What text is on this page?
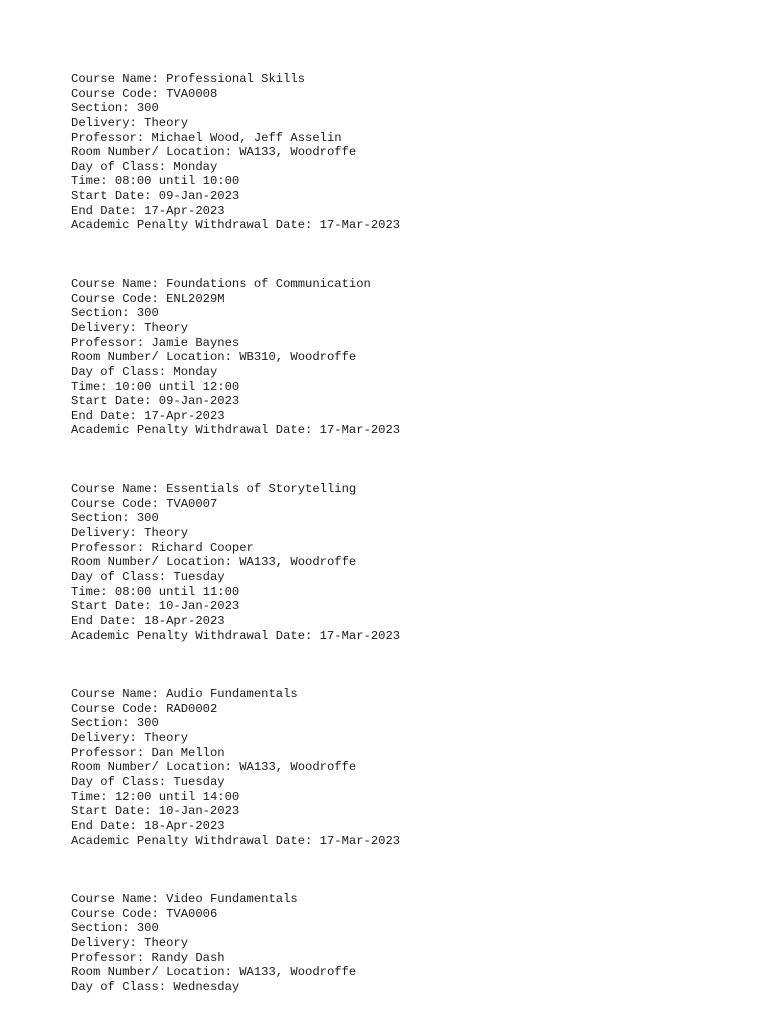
Course Name: Professional Skills
Course Code: TVA0008
Section: 300
Delivery: Theory
Professor: Michael Wood, Jeff Asselin
Room Number/ Location: WA133, Woodroffe
Day of Class: Monday
Time: 08:00 until 10:00
Start Date: 09-Jan-2023
End Date: 17-Apr-2023
Academic Penalty Withdrawal Date: 17-Mar-2023
Course Name: Foundations of Communication
Course Code: ENL2029M
Section: 300
Delivery: Theory
Professor: Jamie Baynes
Room Number/ Location: WB310, Woodroffe
Day of Class: Monday
Time: 10:00 until 12:00
Start Date: 09-Jan-2023
End Date: 17-Apr-2023
Academic Penalty Withdrawal Date: 17-Mar-2023
Course Name: Essentials of Storytelling
Course Code: TVA0007
Section: 300
Delivery: Theory
Professor: Richard Cooper
Room Number/ Location: WA133, Woodroffe
Day of Class: Tuesday
Time: 08:00 until 11:00
Start Date: 10-Jan-2023
End Date: 18-Apr-2023
Academic Penalty Withdrawal Date: 17-Mar-2023
Course Name: Audio Fundamentals
Course Code: RAD0002
Section: 300
Delivery: Theory
Professor: Dan Mellon
Room Number/ Location: WA133, Woodroffe
Day of Class: Tuesday
Time: 12:00 until 14:00
Start Date: 10-Jan-2023
End Date: 18-Apr-2023
Academic Penalty Withdrawal Date: 17-Mar-2023
Course Name: Video Fundamentals
Course Code: TVA0006
Section: 300
Delivery: Theory
Professor: Randy Dash
Room Number/ Location: WA133, Woodroffe
Day of Class: Wednesday
